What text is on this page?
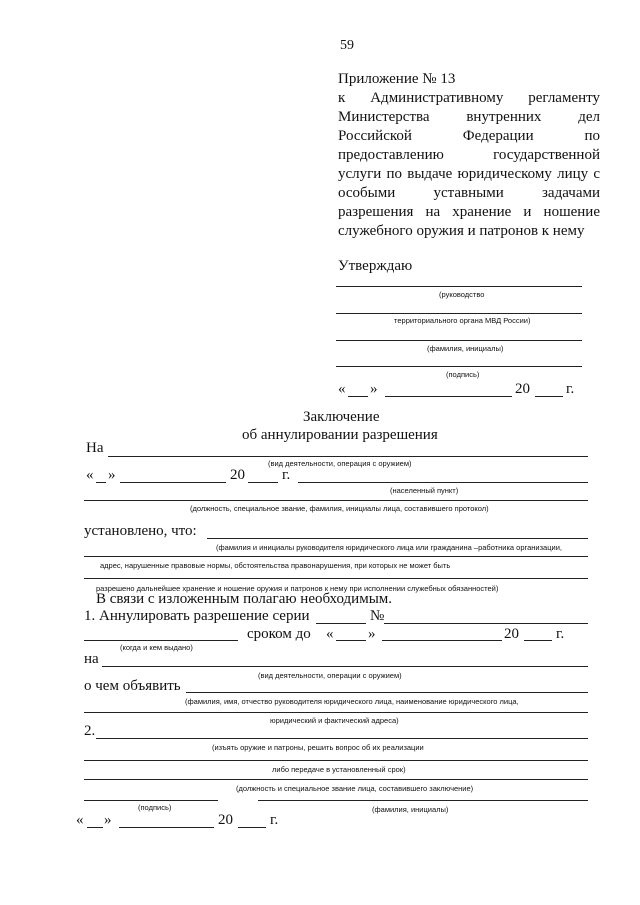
59
Приложение № 13
к Административному регламенту
Министерства внутренних дел
Российской Федерации по
предоставлению государственной
услуги по выдаче юридическому лицу с
особыми уставными задачами
разрешения на хранение и ношение
служебного оружия и патронов к нему
Утверждаю
(руководство
территориального органа МВД России)
(фамилия, инициалы)
(подпись)
« »	20 г.
Заключение
об аннулировании разрешения
На
(вид деятельности, операция с оружием)
« »	20 г.
(населенный пункт)
(должность, специальное звание, фамилия, инициалы лица, составившего протокол)
установлено, что:
(фамилия и инициалы руководителя юридического лица или гражданина –работника организации,
адрес, нарушенные правовые нормы, обстоятельства правонарушения, при которых не может быть
разрешено дальнейшее хранение и ношение оружия и патронов к нему при исполнении служебных обязанностей)
В связи с изложенным полагаю необходимым.
1. Аннулировать разрешение серии	№
сроком до « »	20 г.
(когда и кем выдано)
на
(вид деятельности, операции с оружием)
о чем объявить
(фамилия, имя, отчество руководителя юридического лица, наименование юридического лица,
юридический и фактический адреса)
2.
(изъять оружие и патроны, решить вопрос об их реализации
либо передаче в установленный срок)
(должность и специальное звание лица, составившего заключение)
(подпись)	(фамилия, инициалы)
« »	20 г.
